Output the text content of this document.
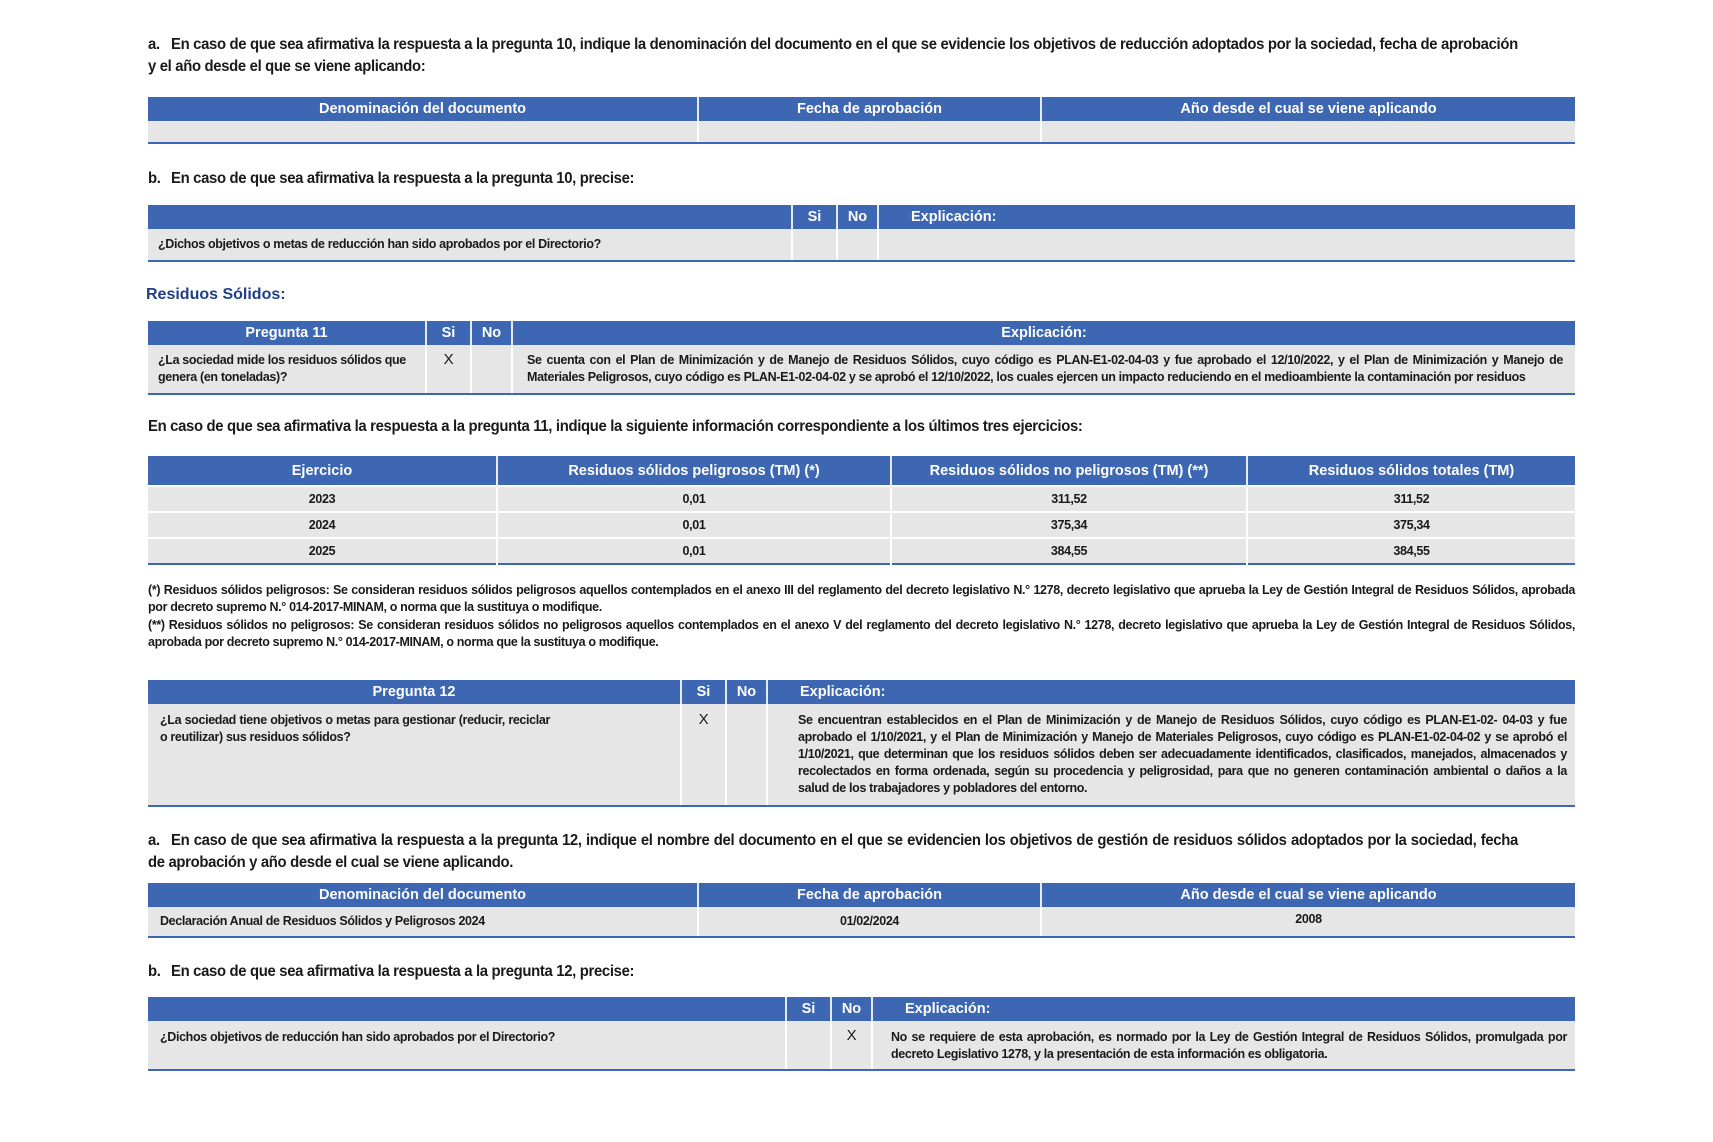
a. En caso de que sea afirmativa la respuesta a la pregunta 10, indique la denominación del documento en el que se evidencie los objetivos de reducción adoptados por la sociedad, fecha de aprobación y el año desde el que se viene aplicando:
Denominación del documento	Fecha de aprobación	Año desde el cual se viene aplicando

b. En caso de que sea afirmativa la respuesta a la pregunta 10, precise:
	Si	No	Explicación:
¿Dichos objetivos o metas de reducción han sido aprobados por el Directorio?			
Residuos Sólidos:
Pregunta 11	Si	No	Explicación:
¿La sociedad mide los residuos sólidos que genera (en toneladas)?	X		Se cuenta con el Plan de Minimización y de Manejo de Residuos Sólidos, cuyo código es PLAN-E1-02-04-03 y fue aprobado el 12/10/2022, y el Plan de Minimización y Manejo de Materiales Peligrosos, cuyo código es PLAN-E1-02-04-02 y se aprobó el 12/10/2022, los cuales ejercen un impacto reduciendo en el medioambiente la contaminación por residuos
En caso de que sea afirmativa la respuesta a la pregunta 11, indique la siguiente información correspondiente a los últimos tres ejercicios:
Ejercicio	Residuos sólidos peligrosos (TM) (*)	Residuos sólidos no peligrosos (TM) (**)	Residuos sólidos totales (TM)
2023	0,01	311,52	311,52
2024	0,01	375,34	375,34
2025	0,01	384,55	384,55
(*) Residuos sólidos peligrosos: Se consideran residuos sólidos peligrosos aquellos contemplados en el anexo III del reglamento del decreto legislativo N.° 1278, decreto legislativo que aprueba la Ley de Gestión Integral de Residuos Sólidos, aprobada por decreto supremo N.° 014-2017-MINAM, o norma que la sustituya o modifique.
(**) Residuos sólidos no peligrosos: Se consideran residuos sólidos no peligrosos aquellos contemplados en el anexo V del reglamento del decreto legislativo N.° 1278, decreto legislativo que aprueba la Ley de Gestión Integral de Residuos Sólidos, aprobada por decreto supremo N.° 014-2017-MINAM, o norma que la sustituya o modifique.
Pregunta 12	Si	No	Explicación:
¿La sociedad tiene objetivos o metas para gestionar (reducir, reciclar o reutilizar) sus residuos sólidos?	X		Se encuentran establecidos en el Plan de Minimización y de Manejo de Residuos Sólidos, cuyo código es PLAN-E1-02- 04-03 y fue aprobado el 1/10/2021, y el Plan de Minimización y Manejo de Materiales Peligrosos, cuyo código es PLAN-E1-02-04-02 y se aprobó el 1/10/2021, que determinan que los residuos sólidos deben ser adecuadamente identificados, clasificados, manejados, almacenados y recolectados en forma ordenada, según su procedencia y peligrosidad, para que no generen contaminación ambiental o daños a la salud de los trabajadores y pobladores del entorno.
a. En caso de que sea afirmativa la respuesta a la pregunta 12, indique el nombre del documento en el que se evidencien los objetivos de gestión de residuos sólidos adoptados por la sociedad, fecha de aprobación y año desde el cual se viene aplicando.
Denominación del documento	Fecha de aprobación	Año desde el cual se viene aplicando
Declaración Anual de Residuos Sólidos y Peligrosos 2024	01/02/2024	2008
b. En caso de que sea afirmativa la respuesta a la pregunta 12, precise:
	Si	No	Explicación:
¿Dichos objetivos de reducción han sido aprobados por el Directorio?		X	No se requiere de esta aprobación, es normado por la Ley de Gestión Integral de Residuos Sólidos, promulgada por decreto Legislativo 1278, y la presentación de esta información es obligatoria.
